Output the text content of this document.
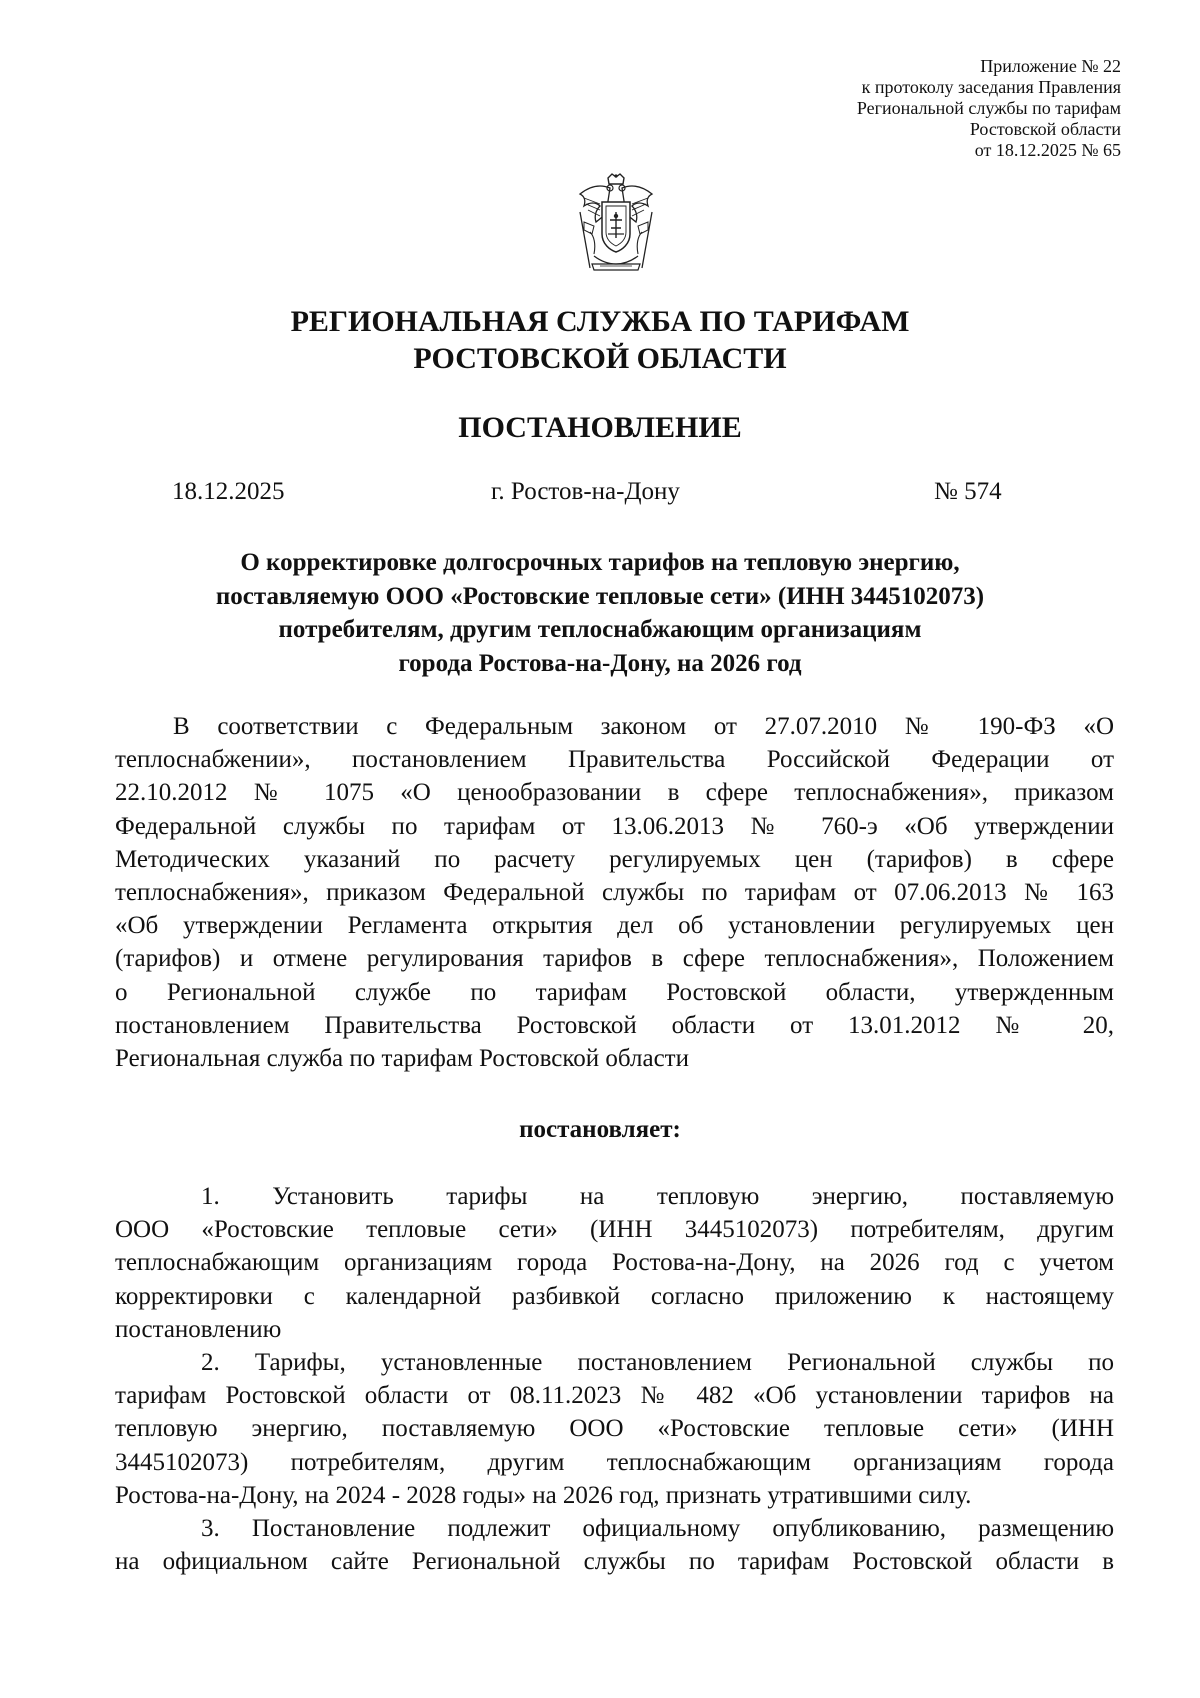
Приложение № 22
к протоколу заседания Правления
Региональной службы по тарифам
Ростовской области
от 18.12.2025 № 65
РЕГИОНАЛЬНАЯ СЛУЖБА ПО ТАРИФАМ
РОСТОВСКОЙ ОБЛАСТИ
ПОСТАНОВЛЕНИЕ
18.12.2025	г. Ростов-на-Дону	№ 574
О корректировке долгосрочных тарифов на тепловую энергию,
поставляемую ООО «Ростовские тепловые сети» (ИНН 3445102073)
потребителям, другим теплоснабжающим организациям
города Ростова-на-Дону, на 2026 год
В соответствии с Федеральным законом от 27.07.2010 № 190-ФЗ «О
теплоснабжении», постановлением Правительства Российской Федерации от
22.10.2012 № 1075 «О ценообразовании в сфере теплоснабжения», приказом
Федеральной службы по тарифам от 13.06.2013 № 760-э «Об утверждении
Методических указаний по расчету регулируемых цен (тарифов) в сфере
теплоснабжения», приказом Федеральной службы по тарифам от 07.06.2013 № 163
«Об утверждении Регламента открытия дел об установлении регулируемых цен
(тарифов) и отмене регулирования тарифов в сфере теплоснабжения», Положением
о Региональной службе по тарифам Ростовской области, утвержденным
постановлением Правительства Ростовской области от 13.01.2012 № 20,
Региональная служба по тарифам Ростовской области
постановляет:
1. Установить тарифы на тепловую энергию, поставляемую
ООО «Ростовские тепловые сети» (ИНН 3445102073) потребителям, другим
теплоснабжающим организациям города Ростова-на-Дону, на 2026 год с учетом
корректировки с календарной разбивкой согласно приложению к настоящему
постановлению
2. Тарифы, установленные постановлением Региональной службы по
тарифам Ростовской области от 08.11.2023 № 482 «Об установлении тарифов на
тепловую энергию, поставляемую ООО «Ростовские тепловые сети» (ИНН
3445102073) потребителям, другим теплоснабжающим организациям города
Ростова-на-Дону, на 2024 - 2028 годы» на 2026 год, признать утратившими силу.
3. Постановление подлежит официальному опубликованию, размещению
на официальном сайте Региональной службы по тарифам Ростовской области в
